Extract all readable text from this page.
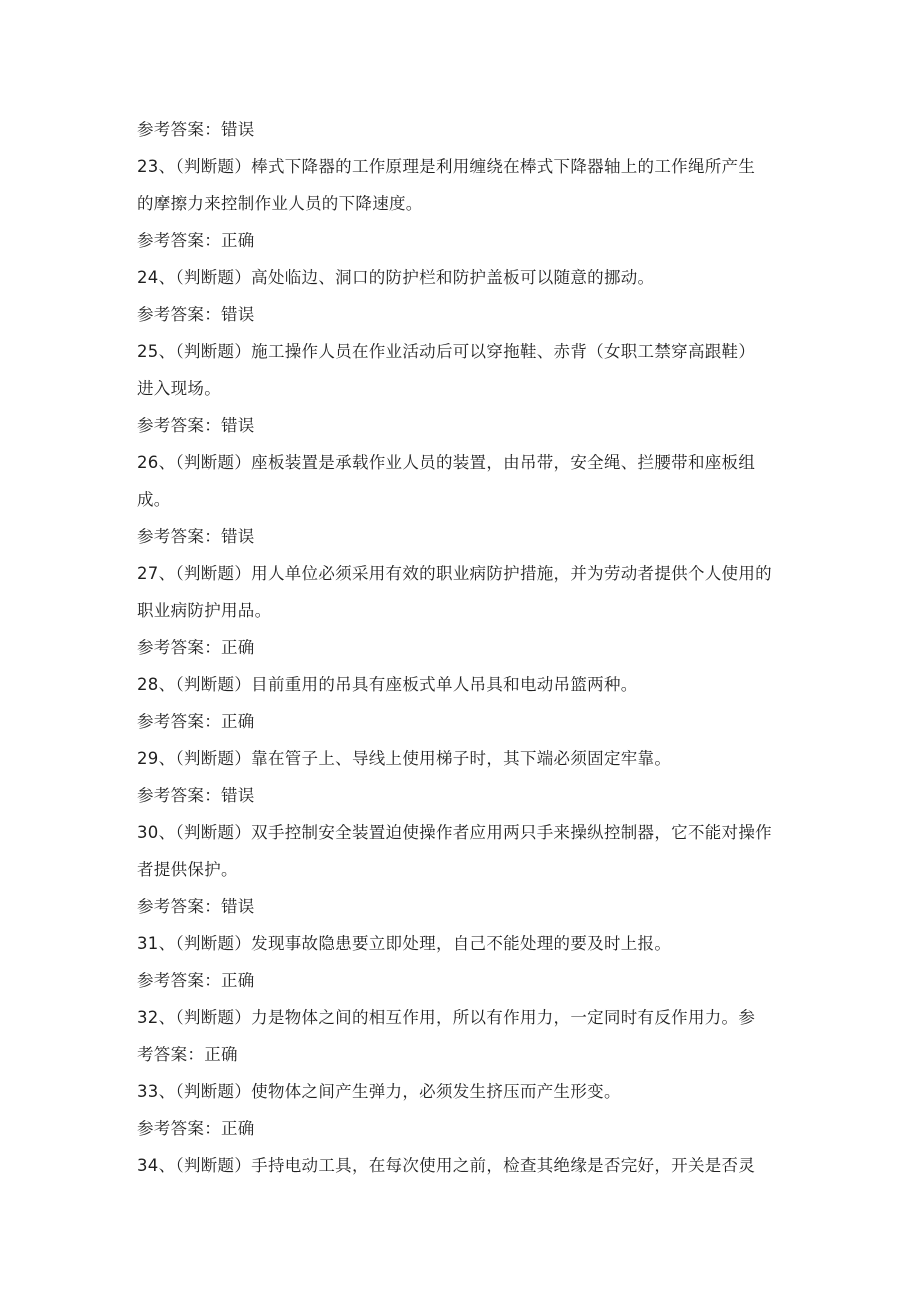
参考答案：错误
23、（判断题）棒式下降器的工作原理是利用缠绕在棒式下降器轴上的工作绳所产生
的摩擦力来控制作业人员的下降速度。
参考答案：正确
24、（判断题）高处临边、洞口的防护栏和防护盖板可以随意的挪动。
参考答案：错误
25、（判断题）施工操作人员在作业活动后可以穿拖鞋、赤背（女职工禁穿高跟鞋）
进入现场。
参考答案：错误
26、（判断题）座板装置是承载作业人员的装置，由吊带，安全绳、拦腰带和座板组
成。
参考答案：错误
27、（判断题）用人单位必须采用有效的职业病防护措施，并为劳动者提供个人使用的
职业病防护用品。
参考答案：正确
28、（判断题）目前重用的吊具有座板式单人吊具和电动吊篮两种。
参考答案：正确
29、（判断题）靠在管子上、导线上使用梯子时，其下端必须固定牢靠。
参考答案：错误
30、（判断题）双手控制安全装置迫使操作者应用两只手来操纵控制器，它不能对操作
者提供保护。
参考答案：错误
31、（判断题）发现事故隐患要立即处理，自己不能处理的要及时上报。
参考答案：正确
32、（判断题）力是物体之间的相互作用，所以有作用力，一定同时有反作用力。参
考答案：正确
33、（判断题）使物体之间产生弹力，必须发生挤压而产生形变。
参考答案：正确
34、（判断题）手持电动工具，在每次使用之前，检查其绝缘是否完好，开关是否灵
